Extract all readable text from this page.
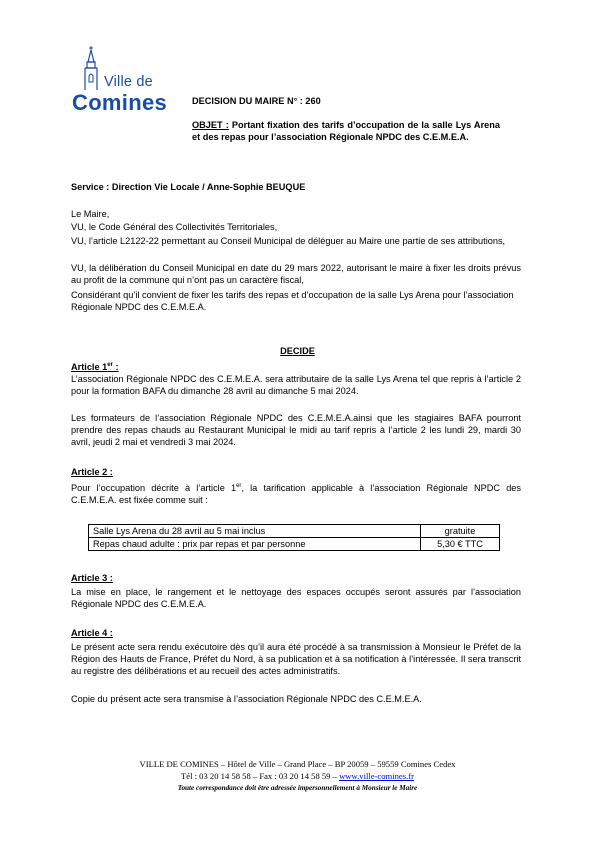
Ville de
Comines	DECISION DU MAIRE N° : 260
OBJET : Portant fixation des tarifs d’occupation de la salle Lys Arena et des repas pour l’association Régionale NPDC des C.E.M.E.A.
Service : Direction Vie Locale / Anne-Sophie BEUQUE
Le Maire,
VU, le Code Général des Collectivités Territoriales,
VU, l’article L2122-22 permettant au Conseil Municipal de déléguer au Maire une partie de ses attributions,
VU, la délibération du Conseil Municipal en date du 29 mars 2022, autorisant le maire à fixer les droits prévus au profit de la commune qui n’ont pas un caractère fiscal,
Considérant qu’il convient de fixer les tarifs des repas et d’occupation de la salle Lys Arena pour l’association Régionale NPDC des C.E.M.E.A.
DECIDE
Article 1er :
L’association Régionale NPDC des C.E.M.E.A. sera attributaire de la salle Lys Arena tel que repris à l’article 2 pour la formation BAFA du dimanche 28 avril au dimanche 5 mai 2024.
Les formateurs de l’association Régionale NPDC des C.E.M.E.A.ainsi que les stagiaires BAFA pourront prendre des repas chauds au Restaurant Municipal le midi au tarif repris à l’article 2 les lundi 29, mardi 30 avril, jeudi 2 mai et vendredi 3 mai 2024.
Article 2 :
Pour l’occupation décrite à l’article 1er, la tarification applicable à l’association Régionale NPDC des C.E.M.E.A. est fixée comme suit :
Salle Lys Arena du 28 avril au 5 mai inclus	gratuite
Repas chaud adulte : prix par repas et par personne	5,30 € TTC
Article 3 :
La mise en place, le rangement et le nettoyage des espaces occupés seront assurés par l’association Régionale NPDC des C.E.M.E.A.
Article 4 :
Le présent acte sera rendu exécutoire dès qu’il aura été procédé à sa transmission à Monsieur le Préfet de la Région des Hauts de France, Préfet du Nord, à sa publication et à sa notification à l’intéressée. Il sera transcrit au registre des délibérations et au recueil des actes administratifs.
Copie du présent acte sera transmise à l’association Régionale NPDC des C.E.M.E.A.
VILLE DE COMINES – Hôtel de Ville – Grand Place – BP 20059 – 59559 Comines Cedex
Tél : 03 20 14 58 58 – Fax : 03 20 14 58 59 – www.ville-comines.fr
Toute correspondance doit être adressée impersonnellement à Monsieur le Maire
